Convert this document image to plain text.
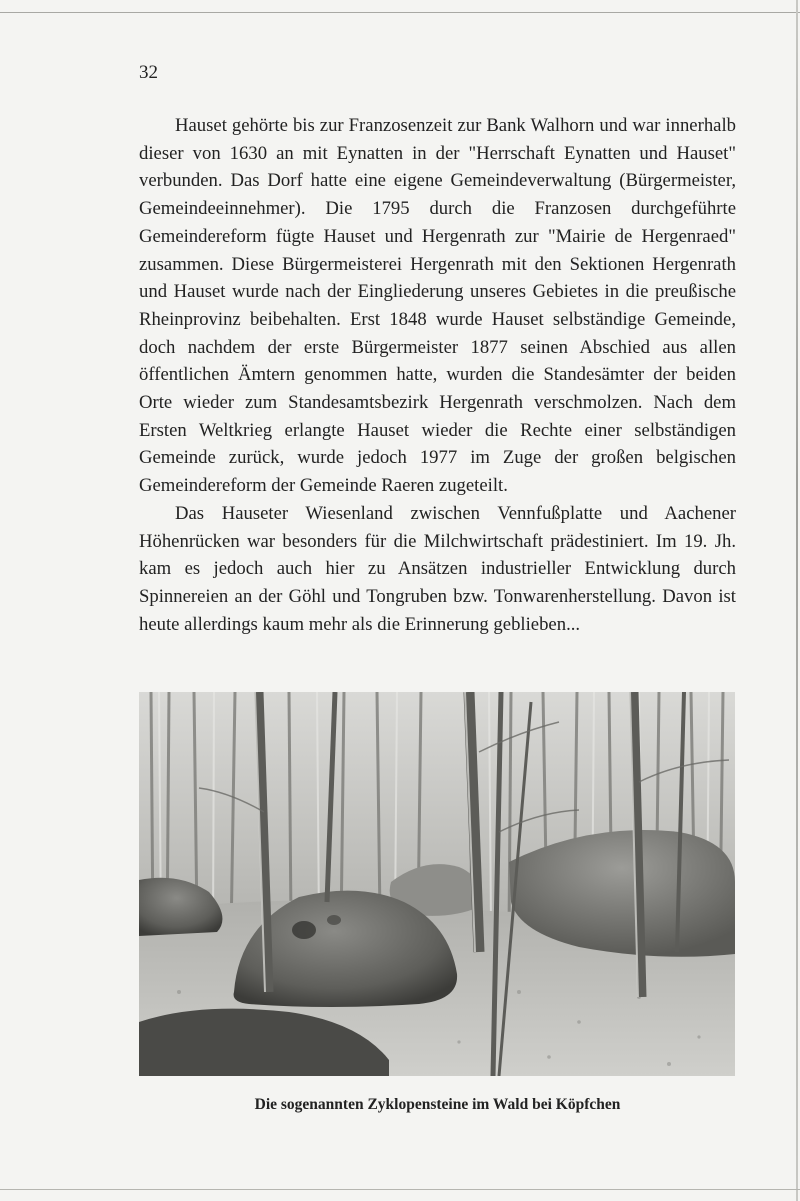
32

Hauset gehörte bis zur Franzosenzeit zur Bank Walhorn und war innerhalb dieser von 1630 an mit Eynatten in der "Herrschaft Eynatten und Hauset" verbunden. Das Dorf hatte eine eigene Gemeindeverwaltung (Bürgermeister, Gemeindeeinnehmer). Die 1795 durch die Franzosen durchgeführte Gemeindereform fügte Hauset und Hergenrath zur "Mairie de Hergenraed" zusammen. Diese Bürgermeisterei Hergenrath mit den Sektionen Hergenrath und Hauset wurde nach der Eingliederung unseres Gebietes in die preußische Rheinprovinz beibehalten. Erst 1848 wurde Hauset selbständige Gemeinde, doch nachdem der erste Bürgermeister 1877 seinen Abschied aus allen öffentlichen Ämtern genommen hatte, wurden die Standesämter der beiden Orte wieder zum Standesamtsbezirk Hergenrath verschmolzen. Nach dem Ersten Weltkrieg erlangte Hauset wieder die Rechte einer selbständigen Gemeinde zurück, wurde jedoch 1977 im Zuge der großen belgischen Gemeindereform der Gemeinde Raeren zugeteilt.

Das Hauseter Wiesenland zwischen Vennfußplatte und Aachener Höhenrücken war besonders für die Milchwirtschaft prädestiniert. Im 19. Jh. kam es jedoch auch hier zu Ansätzen industrieller Entwicklung durch Spinnereien an der Göhl und Tongruben bzw. Tonwarenherstellung. Davon ist heute allerdings kaum mehr als die Erinnerung geblieben...

Die sogenannten Zyklopensteine im Wald bei Köpfchen
